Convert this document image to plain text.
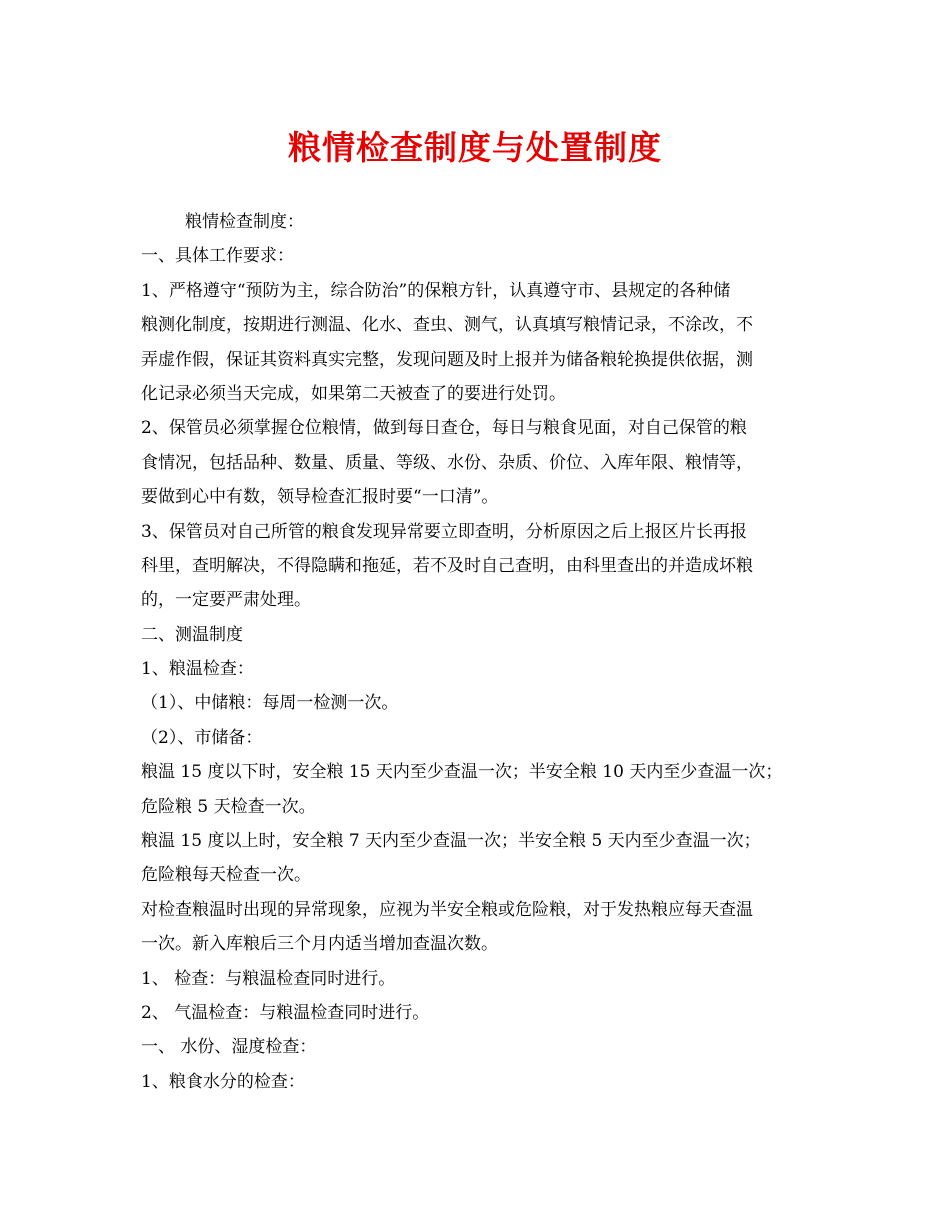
粮情检查制度与处置制度

粮情检查制度：

一、具体工作要求：

1、严格遵守“预防为主，综合防治”的保粮方针，认真遵守市、县规定的各种储

粮测化制度，按期进行测温、化水、查虫、测气，认真填写粮情记录，不涂改，不

弄虚作假，保证其资料真实完整，发现问题及时上报并为储备粮轮换提供依据，测

化记录必须当天完成，如果第二天被查了的要进行处罚。

2、保管员必须掌握仓位粮情，做到每日查仓，每日与粮食见面，对自己保管的粮

食情况，包括品种、数量、质量、等级、水份、杂质、价位、入库年限、粮情等，

要做到心中有数，领导检查汇报时要“一口清”。

3、保管员对自己所管的粮食发现异常要立即查明，分析原因之后上报区片长再报

科里，查明解决，不得隐瞒和拖延，若不及时自己查明，由科里查出的并造成坏粮

的，一定要严肃处理。

二、测温制度

1、粮温检查：

（1）、中储粮：每周一检测一次。

（2）、市储备：

粮温 15 度以下时，安全粮 15 天内至少查温一次；半安全粮 10 天内至少查温一次；

危险粮 5 天检查一次。

粮温 15 度以上时，安全粮 7 天内至少查温一次；半安全粮 5 天内至少查温一次；

危险粮每天检查一次。

对检查粮温时出现的异常现象，应视为半安全粮或危险粮，对于发热粮应每天查温

一次。新入库粮后三个月内适当增加查温次数。

1、 检查：与粮温检查同时进行。

2、 气温检查：与粮温检查同时进行。

一、 水份、湿度检查：

1、粮食水分的检查：
